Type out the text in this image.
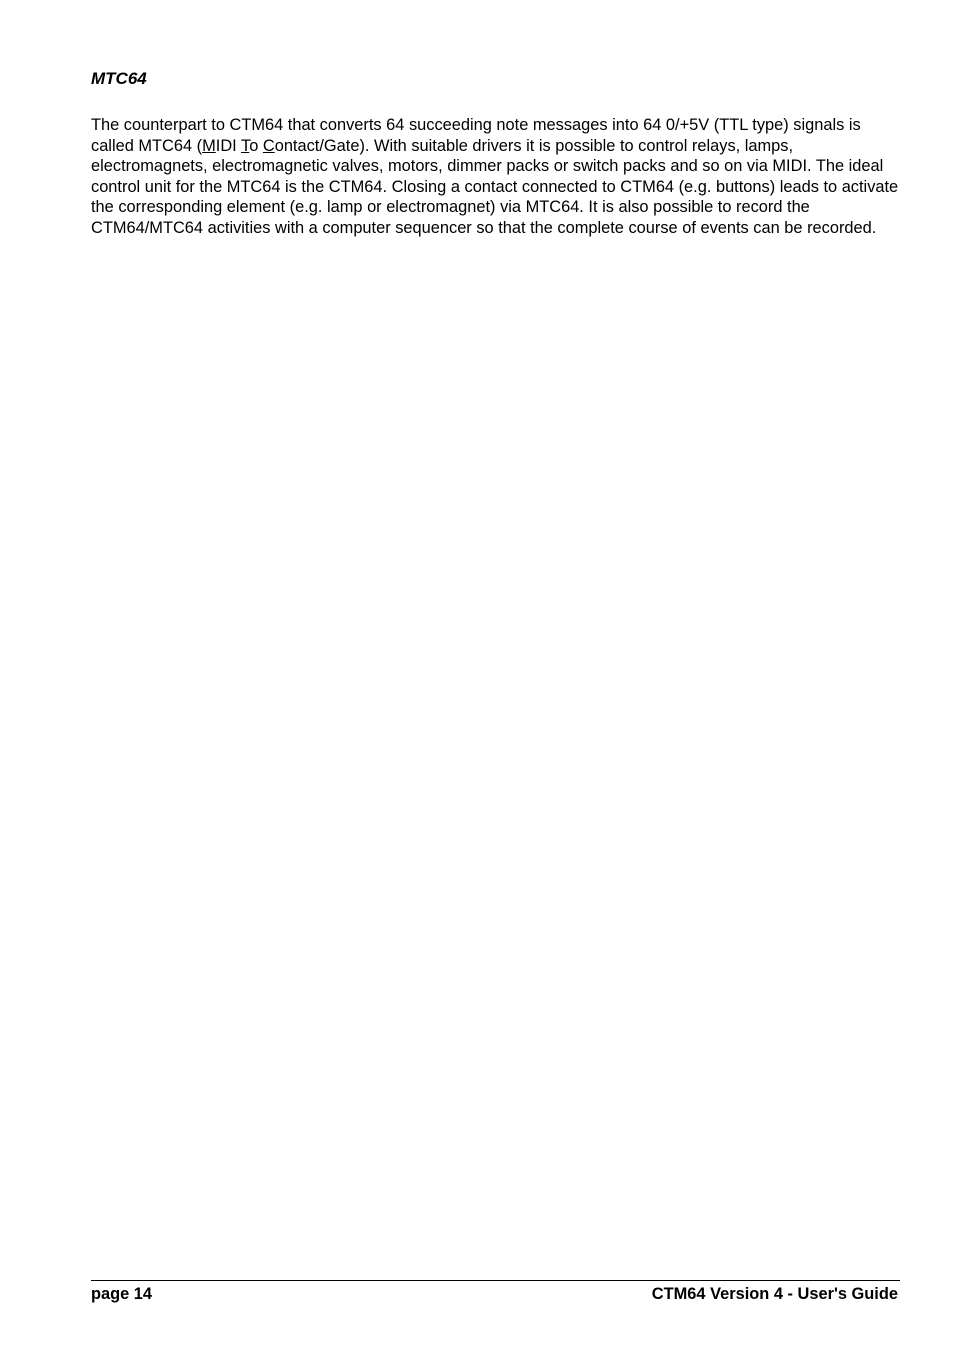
MTC64

The counterpart to CTM64 that converts 64 succeeding note messages into 64 0/+5V (TTL type) signals is called MTC64 (MIDI To Contact/Gate). With suitable drivers it is possible to control relays, lamps, electromagnets, electromagnetic valves, motors, dimmer packs or switch packs and so on via MIDI. The ideal control unit for the MTC64 is the CTM64. Closing a contact connected to CTM64 (e.g. buttons) leads to activate the corresponding element (e.g. lamp or electromagnet) via MTC64. It is also possible to record the CTM64/MTC64 activities with a computer sequencer so that the complete course of events can be recorded.

page 14	CTM64 Version 4 - User's Guide
